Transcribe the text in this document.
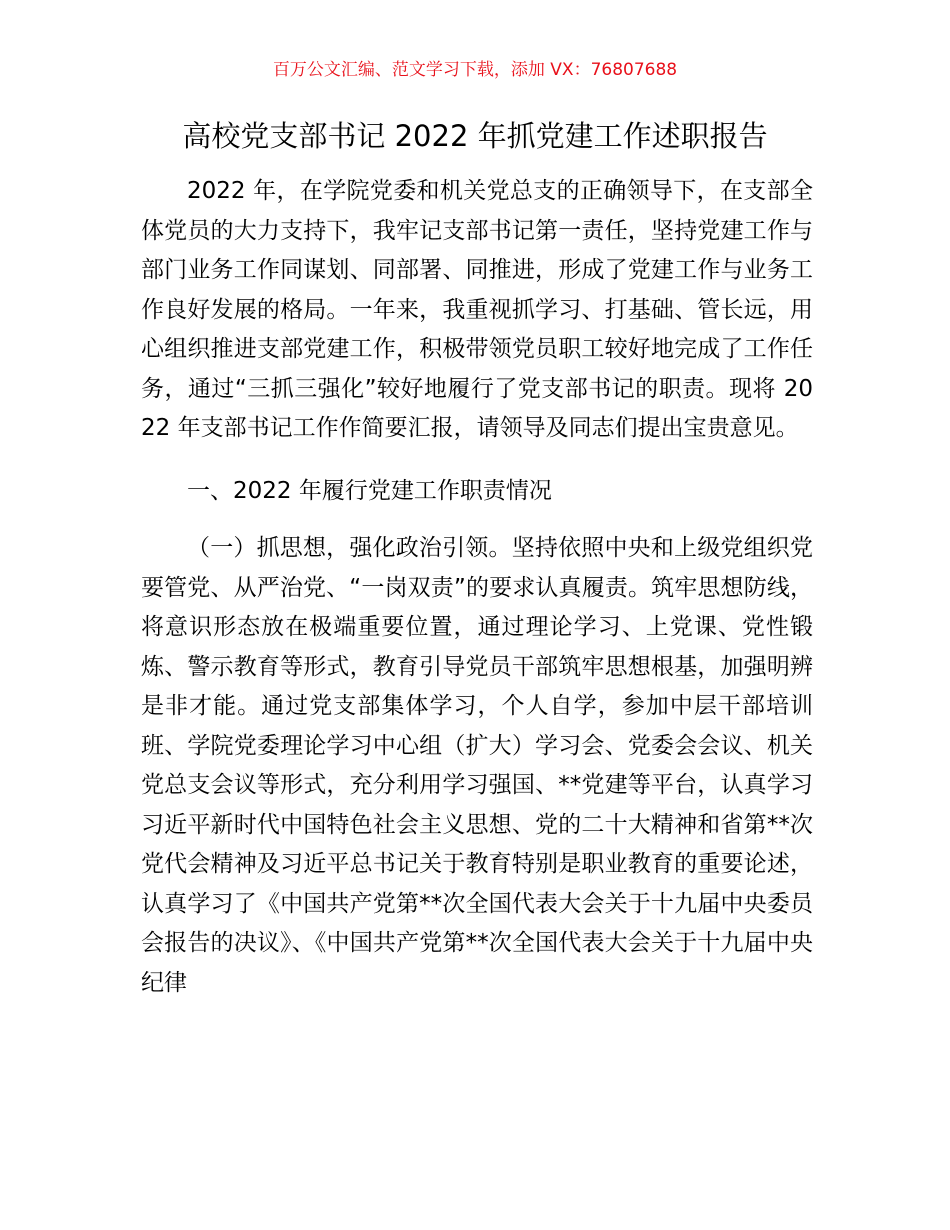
百万公文汇编、范文学习下载，添加 VX：76807688
高校党支部书记 2022 年抓党建工作述职报告

2022 年，在学院党委和机关党总支的正确领导下，在支部全体党员的大力支持下，我牢记支部书记第一责任，坚持党建工作与部门业务工作同谋划、同部署、同推进，形成了党建工作与业务工作良好发展的格局。一年来，我重视抓学习、打基础、管长远，用心组织推进支部党建工作，积极带领党员职工较好地完成了工作任务，通过“三抓三强化”较好地履行了党支部书记的职责。现将 2022 年支部书记工作作简要汇报，请领导及同志们提出宝贵意见。

一、2022 年履行党建工作职责情况

（一）抓思想，强化政治引领。坚持依照中央和上级党组织党要管党、从严治党、“一岗双责”的要求认真履责。筑牢思想防线，将意识形态放在极端重要位置，通过理论学习、上党课、党性锻炼、警示教育等形式，教育引导党员干部筑牢思想根基，加强明辨是非才能。通过党支部集体学习，个人自学，参加中层干部培训班、学院党委理论学习中心组（扩大）学习会、党委会会议、机关党总支会议等形式，充分利用学习强国、**党建等平台，认真学习习近平新时代中国特色社会主义思想、党的二十大精神和省第**次党代会精神及习近平总书记关于教育特别是职业教育的重要论述，认真学习了《中国共产党第**次全国代表大会关于十九届中央委员会报告的决议》、《中国共产党第**次全国代表大会关于十九届中央纪律
